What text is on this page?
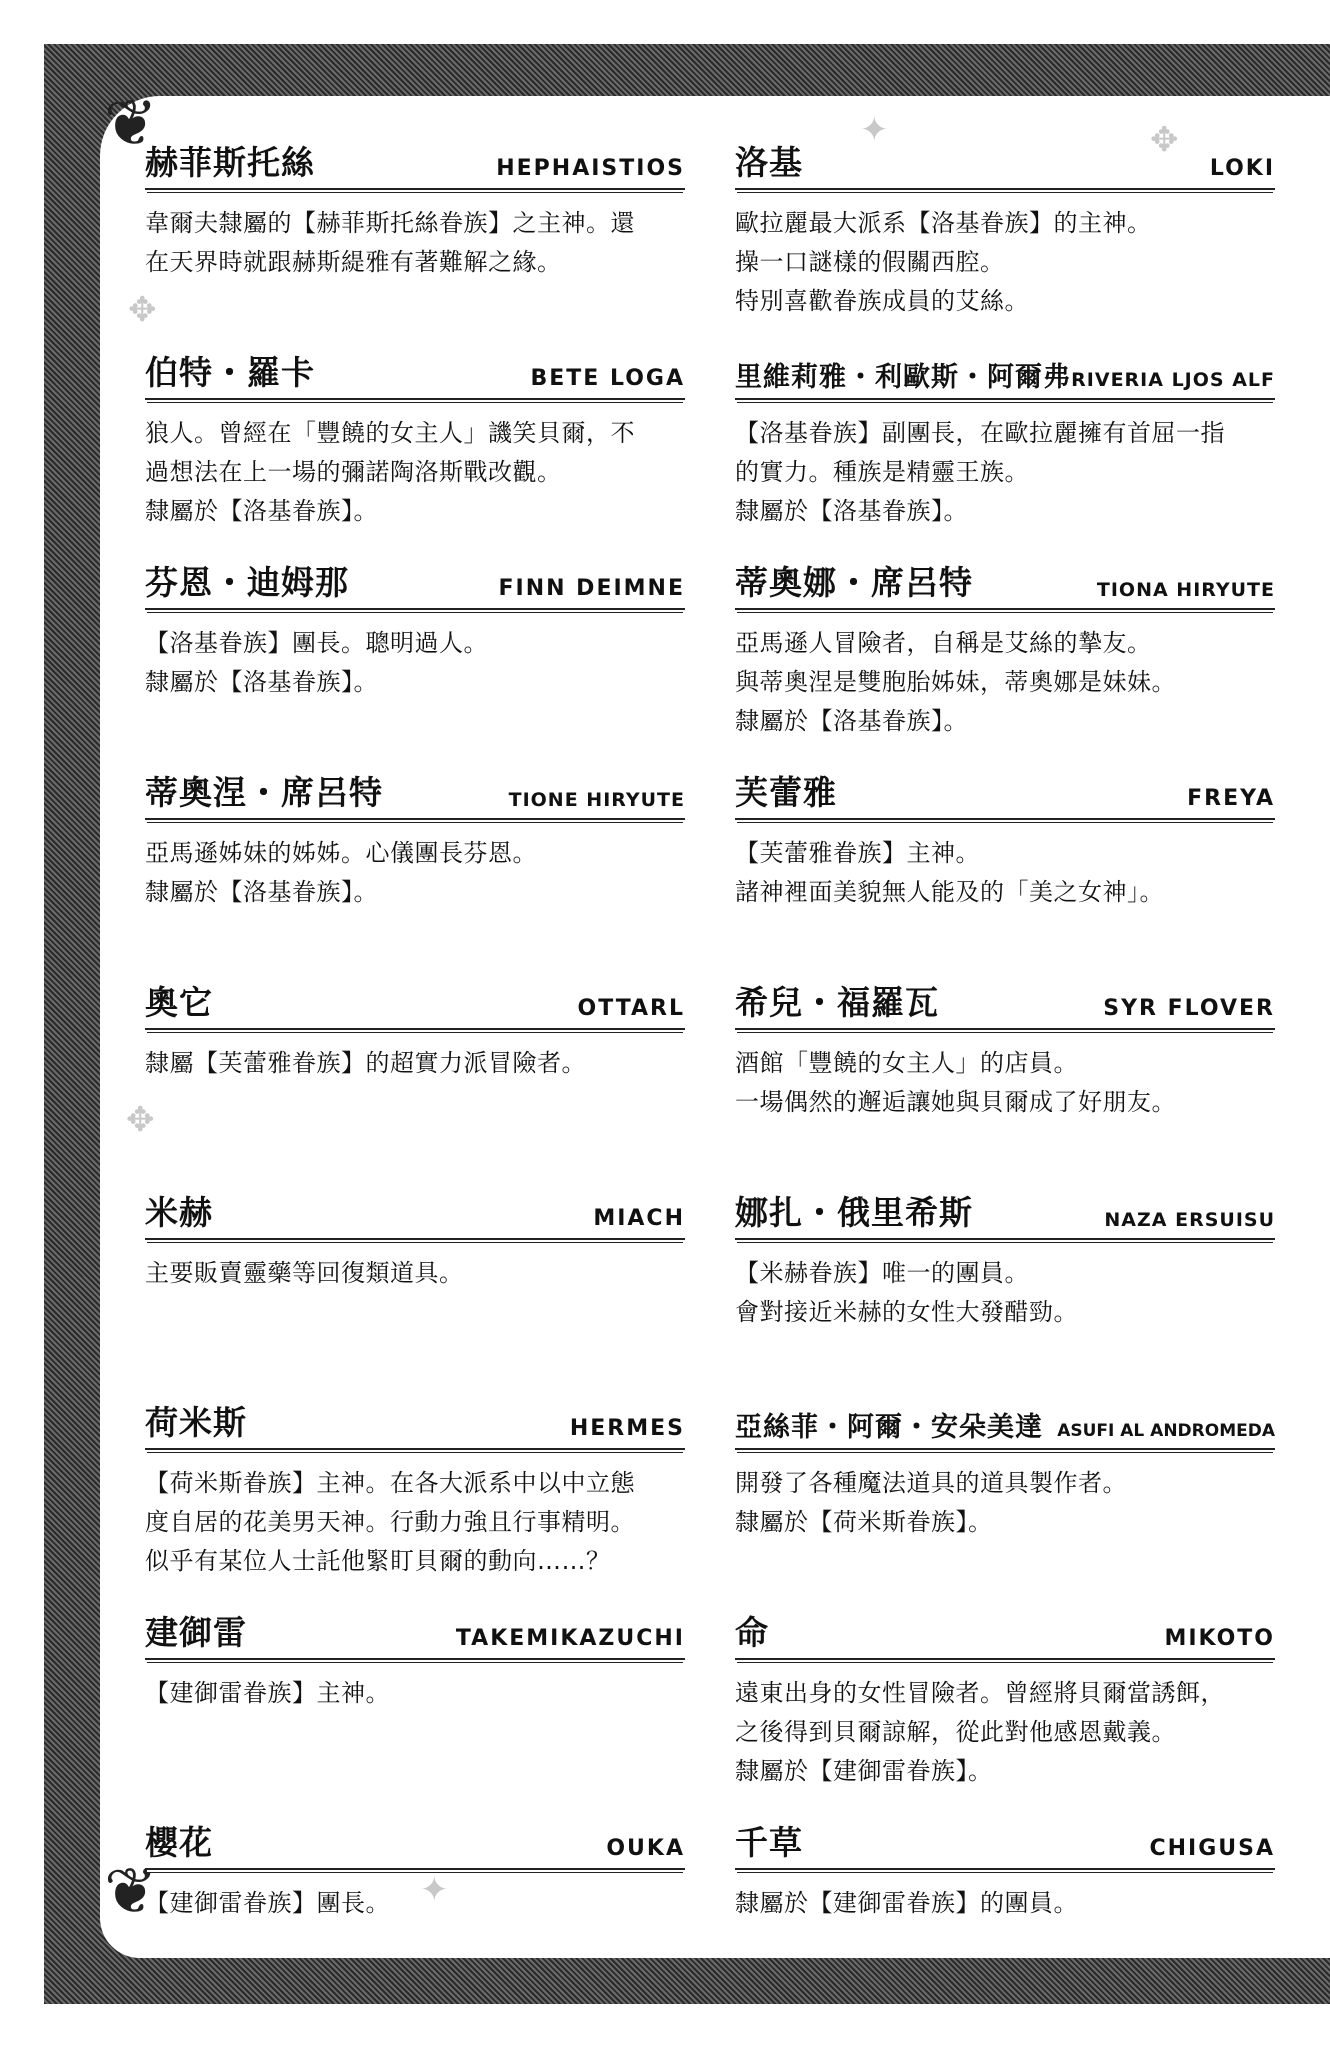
❦
❦
✥
✥
✦	✥
✦
赫菲斯托絲	HEPHAISTIOS
韋爾夫隸屬的【赫菲斯托絲眷族】之主神。還
在天界時就跟赫斯緹雅有著難解之緣。
洛基	LOKI
歐拉麗最大派系【洛基眷族】的主神。
操一口謎樣的假關西腔。
特別喜歡眷族成員的艾絲。
伯特・羅卡	BETE LOGA
狼人。曾經在「豐饒的女主人」譏笑貝爾，不
過想法在上一場的彌諾陶洛斯戰改觀。
隸屬於【洛基眷族】。
里維莉雅・利歐斯・阿爾弗 RIVERIA LJOS ALF
【洛基眷族】副團長，在歐拉麗擁有首屈一指
的實力。種族是精靈王族。
隸屬於【洛基眷族】。
芬恩・迪姆那	FINN DEIMNE
【洛基眷族】團長。聰明過人。
隸屬於【洛基眷族】。
蒂奧娜・席呂特	TIONA HIRYUTE
亞馬遜人冒險者，自稱是艾絲的摯友。
與蒂奧涅是雙胞胎姊妹，蒂奧娜是妹妹。
隸屬於【洛基眷族】。
蒂奧涅・席呂特	TIONE HIRYUTE
亞馬遜姊妹的姊姊。心儀團長芬恩。
隸屬於【洛基眷族】。
芙蕾雅	FREYA
【芙蕾雅眷族】主神。
諸神裡面美貌無人能及的「美之女神」。
奧它	OTTARL
隸屬【芙蕾雅眷族】的超實力派冒險者。
希兒・福羅瓦	SYR FLOVER
酒館「豐饒的女主人」的店員。
一場偶然的邂逅讓她與貝爾成了好朋友。
米赫	MIACH
主要販賣靈藥等回復類道具。
娜扎・俄里希斯	NAZA ERSUISU
【米赫眷族】唯一的團員。
會對接近米赫的女性大發醋勁。
荷米斯	HERMES
【荷米斯眷族】主神。在各大派系中以中立態
度自居的花美男天神。行動力強且行事精明。
似乎有某位人士託他緊盯貝爾的動向……？
亞絲菲・阿爾・安朵美達 ASUFI AL ANDROMEDA
開發了各種魔法道具的道具製作者。
隸屬於【荷米斯眷族】。
建御雷	TAKEMIKAZUCHI
【建御雷眷族】主神。
命	MIKOTO
遠東出身的女性冒險者。曾經將貝爾當誘餌，
之後得到貝爾諒解，從此對他感恩戴義。
隸屬於【建御雷眷族】。
櫻花	OUKA
【建御雷眷族】團長。
千草	CHIGUSA
隸屬於【建御雷眷族】的團員。
